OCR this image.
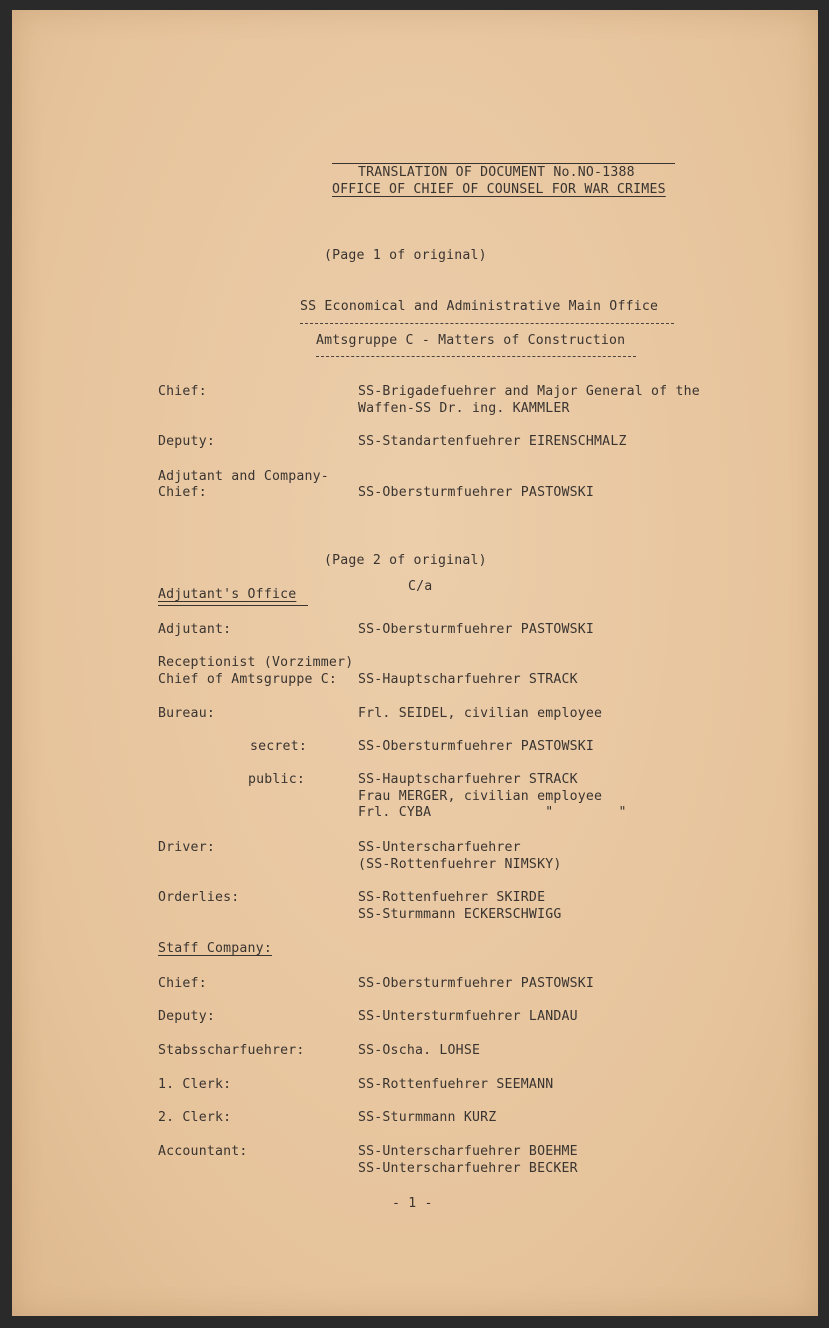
TRANSLATION OF DOCUMENT No.NO-1388
OFFICE OF CHIEF OF COUNSEL FOR WAR CRIMES
(Page 1 of original)
SS Economical and Administrative Main Office
Amtsgruppe C - Matters of Construction
Chief:	SS-Brigadefuehrer and Major General of the
Waffen-SS Dr. ing. KAMMLER
Deputy:	SS-Standartenfuehrer EIRENSCHMALZ
Adjutant and Company-
Chief:	SS-Obersturmfuehrer PASTOWSKI
(Page 2 of original)
C/a
Adjutant's Office
Adjutant:	SS-Obersturmfuehrer PASTOWSKI
Receptionist (Vorzimmer)
Chief of Amtsgruppe C: SS-Hauptscharfuehrer STRACK
Bureau:	Frl. SEIDEL, civilian employee
secret:	SS-Obersturmfuehrer PASTOWSKI
public:	SS-Hauptscharfuehrer STRACK
Frau MERGER, civilian employee
Frl. CYBA              "        "
Driver:	SS-Unterscharfuehrer
(SS-Rottenfuehrer NIMSKY)
Orderlies:	SS-Rottenfuehrer SKIRDE
SS-Sturmmann ECKERSCHWIGG
Staff Company:
Chief:	SS-Obersturmfuehrer PASTOWSKI
Deputy:	SS-Untersturmfuehrer LANDAU
Stabsscharfuehrer:	SS-Oscha. LOHSE
1. Clerk:	SS-Rottenfuehrer SEEMANN
2. Clerk:	SS-Sturmmann KURZ
Accountant:	SS-Unterscharfuehrer BOEHME
SS-Unterscharfuehrer BECKER
- 1 -
